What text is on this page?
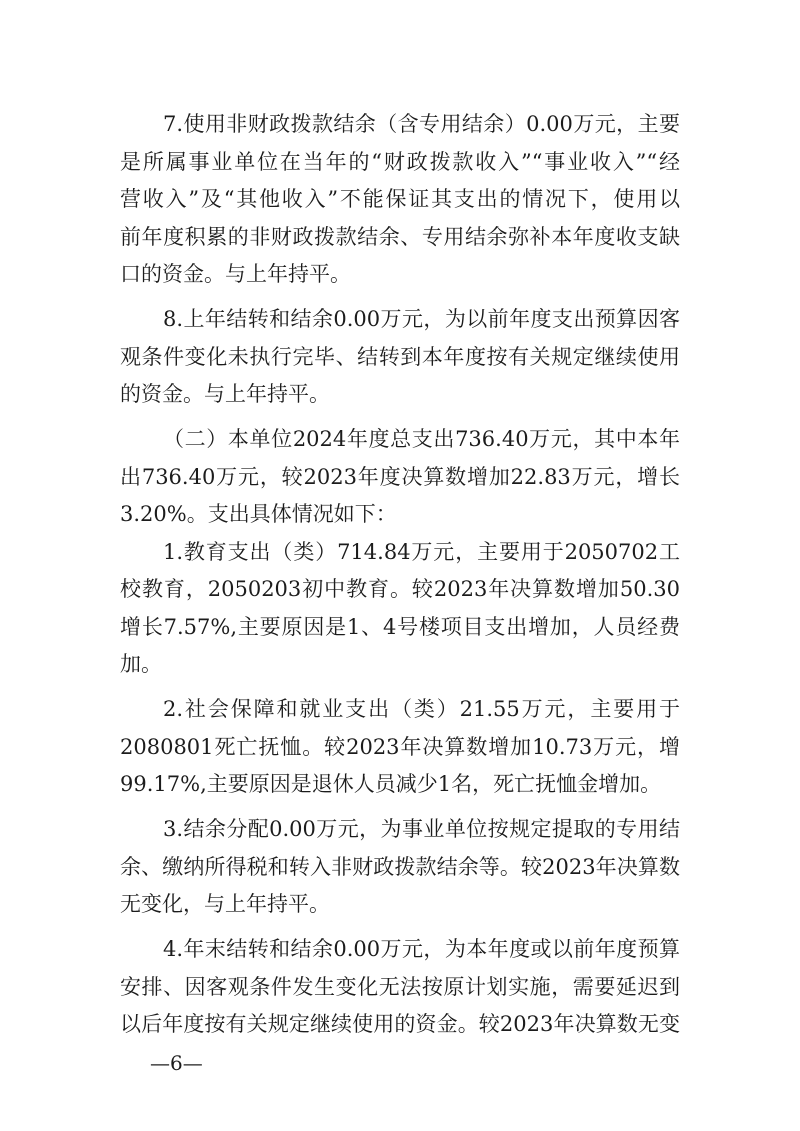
7.使用非财政拨款结余（含专用结余）0.00万元，主要
是所属事业单位在当年的“财政拨款收入”“事业收入”“经
营收入”及“其他收入”不能保证其支出的情况下，使用以
前年度积累的非财政拨款结余、专用结余弥补本年度收支缺
口的资金。与上年持平。
8.上年结转和结余0.00万元，为以前年度支出预算因客
观条件变化未执行完毕、结转到本年度按有关规定继续使用
的资金。与上年持平。
（二）本单位2024年度总支出736.40万元，其中本年
出736.40万元，较2023年度决算数增加22.83万元，增长
3.20%。支出具体情况如下：
1.教育支出（类）714.84万元，主要用于2050702工
校教育，2050203初中教育。较2023年决算数增加50.30
增长7.57%,主要原因是1、4号楼项目支出增加，人员经费
加。
2.社会保障和就业支出（类）21.55万元，主要用于
2080801死亡抚恤。较2023年决算数增加10.73万元，增
99.17%,主要原因是退休人员减少1名，死亡抚恤金增加。
3.结余分配0.00万元，为事业单位按规定提取的专用结
余、缴纳所得税和转入非财政拨款结余等。较2023年决算数
无变化，与上年持平。
4.年末结转和结余0.00万元，为本年度或以前年度预算
安排、因客观条件发生变化无法按原计划实施，需要延迟到
以后年度按有关规定继续使用的资金。较2023年决算数无变
—6—
